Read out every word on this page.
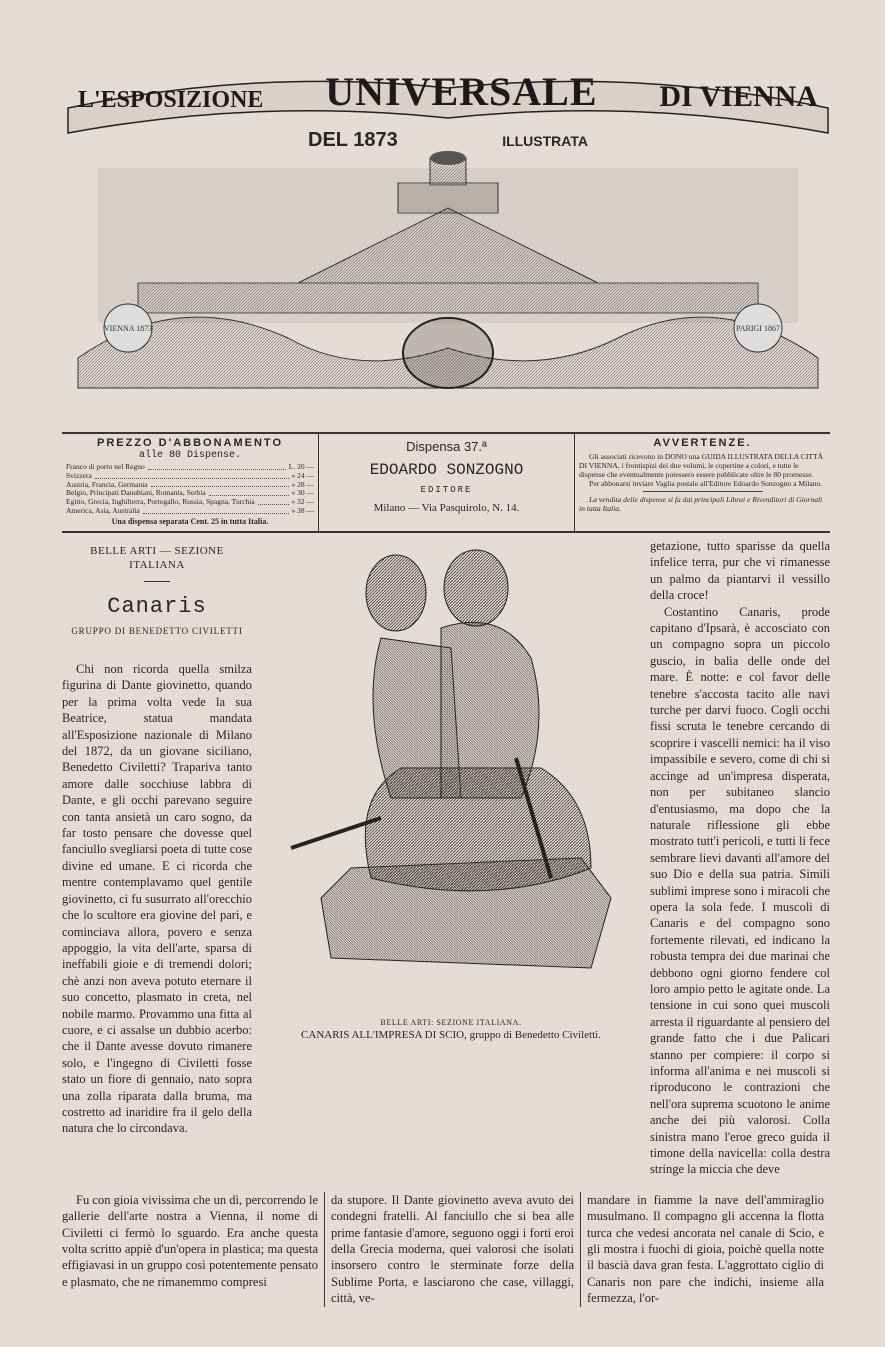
VIENNA 1873	PARIGI 1867
L'ESPOSIZIONE UNIVERSALE DI VIENNA
DEL 1873	ILLUSTRATA
PREZZO D'ABBONAMENTO
alle 80 Dispense.
Franco di porto nel Regno	L. 20 —
Svizzera	» 24 —
Austria, Francia, Germania	» 28 —
Belgio, Principati Danubiani, Romania, Serbia	» 30 —
Egitto, Grecia, Inghilterra, Portogallo, Russia, Spagna, Turchia	» 32 —
America, Asia, Australia	» 38 —
Una dispensa separata Cent. 25 in tutta Italia.
Dispensa 37.ª
EDOARDO SONZOGNO
EDITORE
Milano — Via Pasquirolo, N. 14.
AVVERTENZE.
Gli associati ricevono in DONO una GUIDA ILLUSTRATA DELLA CITTÀ DI VIENNA, i frontispizi dei due volumi, le copertine a colori, e tutte le dispense che eventualmente potessero essere pubblicate oltre le 80 promesse.
Per abbonarsi inviare Vaglia postale all'Editore Edoardo Sonzogno a Milano.
La vendita delle dispense si fa dai principali Librai e Rivenditori di Giornali in tutta Italia.
BELLE ARTI — SEZIONE ITALIANA
Canaris
GRUPPO DI BENEDETTO CIVILETTI

Chi non ricorda quella smilza figurina di Dante giovinetto, quando per la prima volta vede la sua Beatrice, statua mandata all'Esposizione nazionale di Milano del 1872, da un giovane siciliano, Benedetto Civiletti? Trapariva tanto amore dalle socchiuse labbra di Dante, e gli occhi parevano seguire con tanta ansietà un caro sogno, da far tosto pensare che dovesse quel fanciullo svegliarsi poeta di tutte cose divine ed umane. E ci ricorda che mentre contemplavamo quel gentile giovinetto, ci fu susurrato all'orecchio che lo scultore era giovine del pari, e cominciava allora, povero e senza appoggio, la vita dell'arte, sparsa di ineffabili gioie e di tremendi dolori; chè anzi non aveva potuto eternare il suo concetto, plasmato in creta, nel nobile marmo. Provammo una fitta al cuore, e ci assalse un dubbio acerbo: che il Dante avesse dovuto rimanere solo, e l'ingegno di Civiletti fosse stato un fiore di gennaio, nato sopra una zolla riparata dalla bruma, ma costretto ad inaridire fra il gelo della natura che lo circondava.

BELLE ARTI: SEZIONE ITALIANA.
CANARIS ALL'IMPRESA DI SCIO, gruppo di Benedetto Civiletti.

getazione, tutto sparisse da quella infelice terra, pur che vi rimanesse un palmo da piantarvi il vessillo della croce!

Costantino Canaris, prode capitano d'Ipsarà, è accosciato con un compagno sopra un piccolo guscio, in balìa delle onde del mare. È notte: e col favor delle tenebre s'accosta tacito alle navi turche per darvi fuoco. Cogli occhi fissi scruta le tenebre cercando di scoprire i vascelli nemici: ha il viso impassibile e severo, come di chi si accinge ad un'impresa disperata, non per subitaneo slancio d'entusiasmo, ma dopo che la naturale riflessione gli ebbe mostrato tutt'i pericoli, e tutti li fece sembrare lievi davanti all'amore del suo Dio e della sua patria. Simili sublimi imprese sono i miracoli che opera la sola fede. I muscoli di Canaris e del compagno sono fortemente rilevati, ed indicano la robusta tempra dei due marinai che debbono ogni giorno fendere col loro ampio petto le agitate onde. La tensione in cui sono quei muscoli arresta il riguardante al pensiero del grande fatto che i due Palicari stanno per compiere: il corpo si informa all'anima e nei muscoli si riproducono le contrazioni che nell'ora suprema scuotono le anime anche dei più valorosi. Colla sinistra mano l'eroe greco guida il timone della navicella: colla destra stringe la miccia che deve

Fu con gioia vivissima che un dì, percorrendo le gallerie dell'arte nostra a Vienna, il nome di Civiletti ci fermò lo sguardo. Era anche questa volta scritto appiè d'un'opera in plastica; ma questa effigiavasi in un gruppo così potentemente pensato e plasmato, che ne rimanemmo compresi

da stupore. Il Dante giovinetto aveva avuto dei condegni fratelli. Al fanciullo che si bea alle prime fantasie d'amore, seguono oggi i forti eroi della Grecia moderna, quei valorosi che isolati insorsero contro le sterminate forze della Sublime Porta, e lasciarono che case, villaggi, città, ve-

mandare in fiamme la nave dell'ammiraglio musulmano. Il compagno gli accenna la flotta turca che vedesi ancorata nel canale di Scio, e gli mostra i fuochi di gioia, poichè quella notte il bascià dava gran festa. L'aggrottato ciglio di Canaris non pare che indichi, insieme alla fermezza, l'or-
